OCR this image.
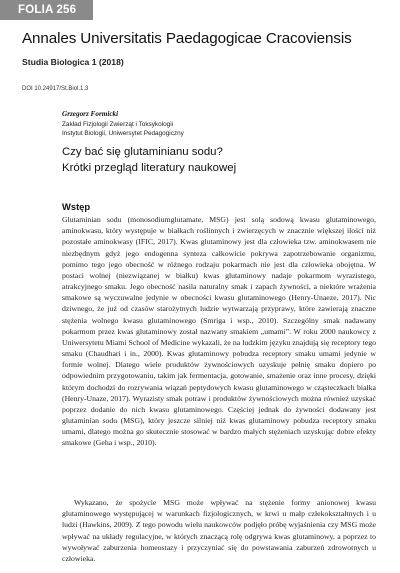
FOLIA 256
Annales Universitatis Paedagogicae Cracoviensis
Studia Biologica 1 (2018)
DOI 10.24917/St.Biol.1.3
Grzegorz Formicki
Zakład Fizjologii Zwierząt i Toksykologii
Instytut Biologii, Uniwersytet Pedagogiczny
Czy bać się glutaminianu sodu?
Krótki przegląd literatury naukowej
Wstęp

Glutaminian sodu (monosodiumglutamate, MSG) jest solą sodową kwasu glutaminowego, aminokwasu, który występuje w białkach roślinnych i zwierzęcych w znacznie większej ilości niż pozostałe aminokwasy (IFIC, 2017). Kwas glutaminowy jest dla człowieka tzw. aminokwasem nie niezbędnym gdyż jego endogenna synteza całkowicie pokrywa zapotrzebowanie organizmu, pomimo tego jego obecność w różnego rodzaju pokarmach nie jest dla człowieka obojętna. W postaci wolnej (niezwiązanej w białku) kwas glutaminowy nadaje pokarmom wyrazistego, atrakcyjnego smaku. Jego obecność nasila naturalny smak i zapach żywności, a niektóre wrażenia smakowe są wyczuwalne jedynie w obecności kwasu glutaminowego (Henry-Unaeze, 2017). Nic dziwnego, że już od czasów starożytnych ludzie wytwarzają przyprawy, które zawierają znaczne stężenia wolnego kwasu glutaminowego (Smriga i wsp., 2010). Szczególny smak nadawany pokarmom przez kwas glutaminowy został nazwany smakiem „umami”. W roku 2000 naukowcy z Uniwersytetu Miami School of Medicine wykazali, że na ludzkim języku znajdują się receptory tego smaku (Chaudhari i in., 2000). Kwas glutaminowy pobudza receptory smaku umami jedynie w formie wolnej. Dlatego wiele produktów żywnościowych uzyskuje pełnię smaku dopiero po odpowiednim przygotowaniu, takim jak fermentacja, gotowanie, smażenie oraz inne procesy, dzięki którym dochodzi do rozrywania wiązań peptydowych kwasu glutaminowego w cząsteczkach białka (Henry-Unaze, 2017). Wyrazisty smak potraw i produktów żywnościowych można również uzyskać poprzez dodanie do nich kwasu glutaminowego. Częściej jednak do żywności dodawany jest glutaminian sodu (MSG), który jeszcze silniej niż kwas glutaminowy pobudza receptory smaku umami, dlatego można go skutecznie stosować w bardzo małych stężeniach uzyskując dobre efekty smakowe (Geha i wsp., 2010).

Wykazano, że spożycie MSG może wpływać na stężenie formy anionowej kwasu glutaminowego występującej w warunkach fizjologicznych, w krwi u małp człekokształtnych i u ludzi (Hawkins, 2009). Z tego powodu wielu naukowców podjęło próbę wyjaśnienia czy MSG może wpływać na układy regulacyjne, w których znaczącą rolę odgrywa kwas glutaminowy, a poprzez to wywoływać zaburzenia homeostazy i przyczyniać się do powstawania zaburzeń zdrowotnych u człowieka.
